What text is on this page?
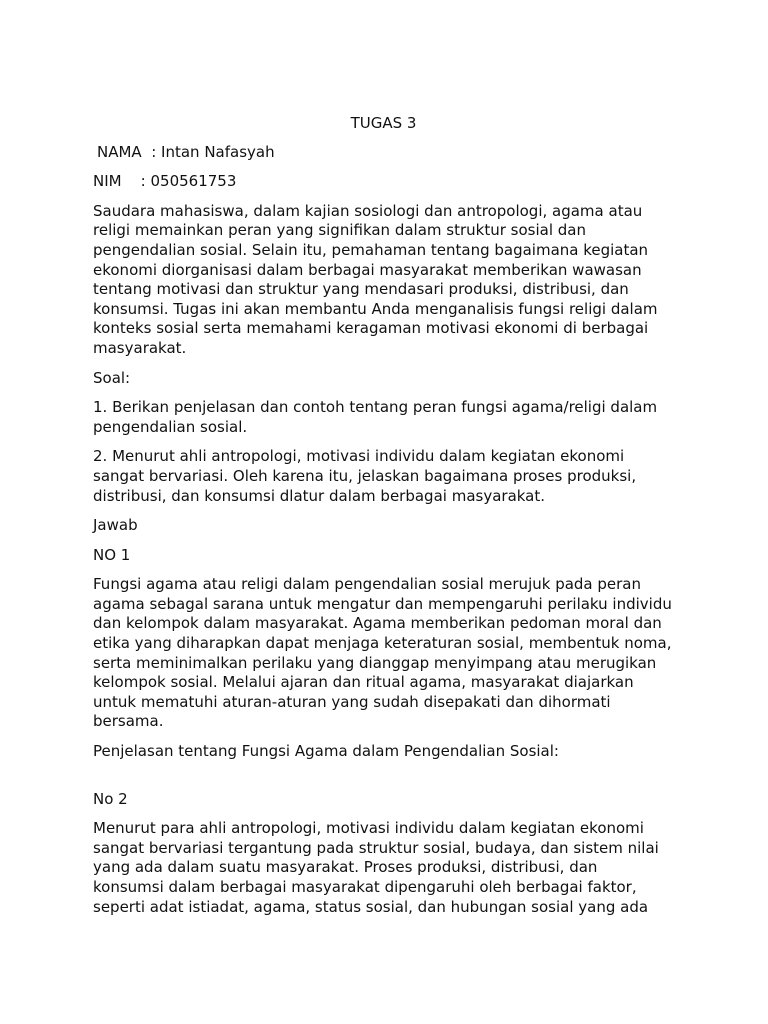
TUGAS 3
NAMA  : Intan Nafasyah
NIM    : 050561753

Saudara mahasiswa, dalam kajian sosiologi dan antropologi, agama atau religi memainkan peran yang signifikan dalam struktur sosial dan pengendalian sosial. Selain itu, pemahaman tentang bagaimana kegiatan ekonomi diorganisasi dalam berbagai masyarakat memberikan wawasan tentang motivasi dan struktur yang mendasari produksi, distribusi, dan konsumsi. Tugas ini akan membantu Anda menganalisis fungsi religi dalam konteks sosial serta memahami keragaman motivasi ekonomi di berbagai masyarakat.

Soal:

1. Berikan penjelasan dan contoh tentang peran fungsi agama/religi dalam pengendalian sosial.

2. Menurut ahli antropologi, motivasi individu dalam kegiatan ekonomi sangat bervariasi. Oleh karena itu, jelaskan bagaimana proses produksi, distribusi, dan konsumsi dlatur dalam berbagai masyarakat.

Jawab

NO 1

Fungsi agama atau religi dalam pengendalian sosial merujuk pada peran agama sebagal sarana untuk mengatur dan mempengaruhi perilaku individu dan kelompok dalam masyarakat. Agama memberikan pedoman moral dan etika yang diharapkan dapat menjaga keteraturan sosial, membentuk noma, serta meminimalkan perilaku yang dianggap menyimpang atau merugikan kelompok sosial. Melalui ajaran dan ritual agama, masyarakat diajarkan untuk mematuhi aturan-aturan yang sudah disepakati dan dihormati bersama.

Penjelasan tentang Fungsi Agama dalam Pengendalian Sosial:

No 2

Menurut para ahli antropologi, motivasi individu dalam kegiatan ekonomi sangat bervariasi tergantung pada struktur sosial, budaya, dan sistem nilai yang ada dalam suatu masyarakat. Proses produksi, distribusi, dan konsumsi dalam berbagai masyarakat dipengaruhi oleh berbagai faktor, seperti adat istiadat, agama, status sosial, dan hubungan sosial yang ada
